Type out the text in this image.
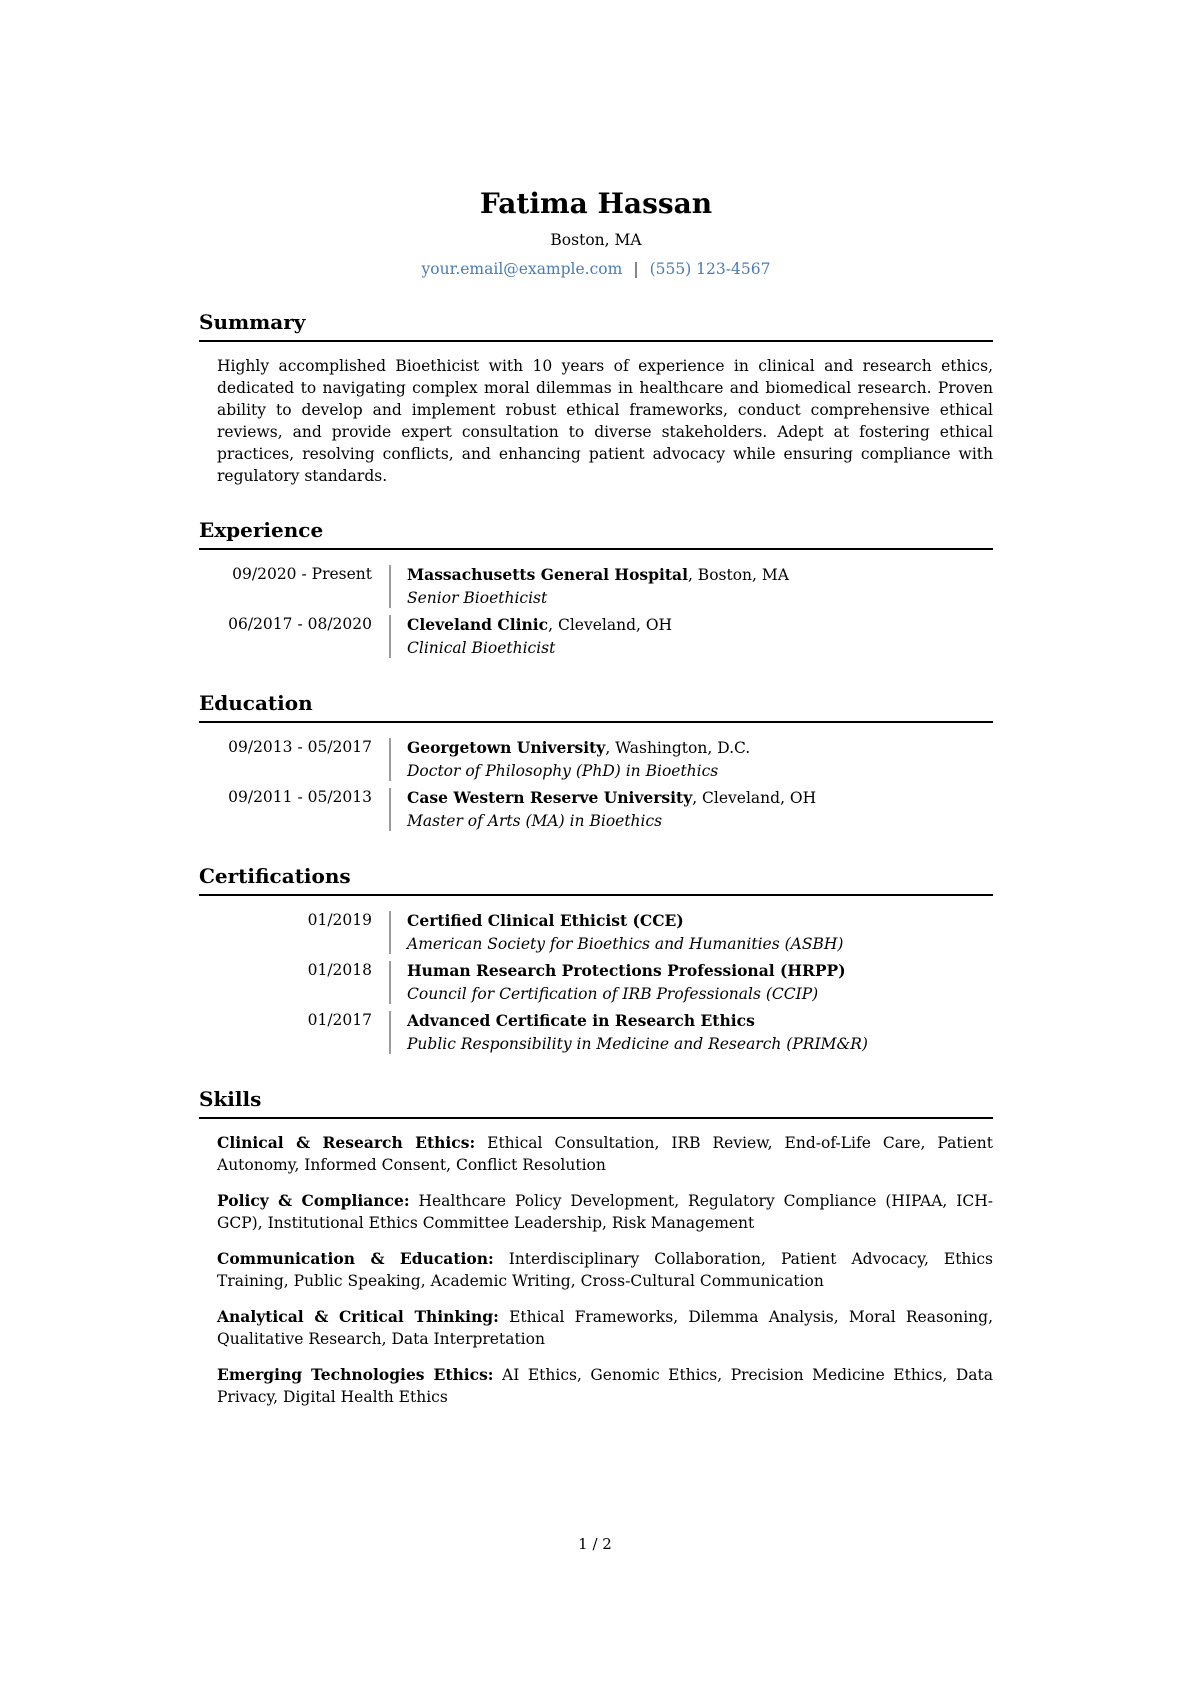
Fatima Hassan
Boston, MA
your.email@example.com | (555) 123-4567
Summary

Highly accomplished Bioethicist with 10 years of experience in clinical and research ethics, dedicated to navigating complex moral dilemmas in healthcare and biomedical research. Proven ability to develop and implement robust ethical frameworks, conduct comprehensive ethical reviews, and provide expert consultation to diverse stakeholders. Adept at fostering ethical practices, resolving conflicts, and enhancing patient advocacy while ensuring compliance with regulatory standards.

Experience
09/2020 - Present Massachusetts General Hospital, Boston, MA
Senior Bioethicist
06/2017 - 08/2020 Cleveland Clinic, Cleveland, OH
Clinical Bioethicist
Education
09/2013 - 05/2017 Georgetown University, Washington, D.C.
Doctor of Philosophy (PhD) in Bioethics
09/2011 - 05/2013 Case Western Reserve University, Cleveland, OH
Master of Arts (MA) in Bioethics
Certifications
01/2019 Certified Clinical Ethicist (CCE)
American Society for Bioethics and Humanities (ASBH)
01/2018 Human Research Protections Professional (HRPP)
Council for Certification of IRB Professionals (CCIP)
01/2017 Advanced Certificate in Research Ethics
Public Responsibility in Medicine and Research (PRIM&R)
Skills

Clinical & Research Ethics: Ethical Consultation, IRB Review, End-of-Life Care, Patient Autonomy, Informed Consent, Conflict Resolution

Policy & Compliance: Healthcare Policy Development, Regulatory Compliance (HIPAA, ICH-GCP), Institutional Ethics Committee Leadership, Risk Management

Communication & Education: Interdisciplinary Collaboration, Patient Advocacy, Ethics Training, Public Speaking, Academic Writing, Cross-Cultural Communication

Analytical & Critical Thinking: Ethical Frameworks, Dilemma Analysis, Moral Reasoning, Qualitative Research, Data Interpretation

Emerging Technologies Ethics: AI Ethics, Genomic Ethics, Precision Medicine Ethics, Data Privacy, Digital Health Ethics

1 / 2
